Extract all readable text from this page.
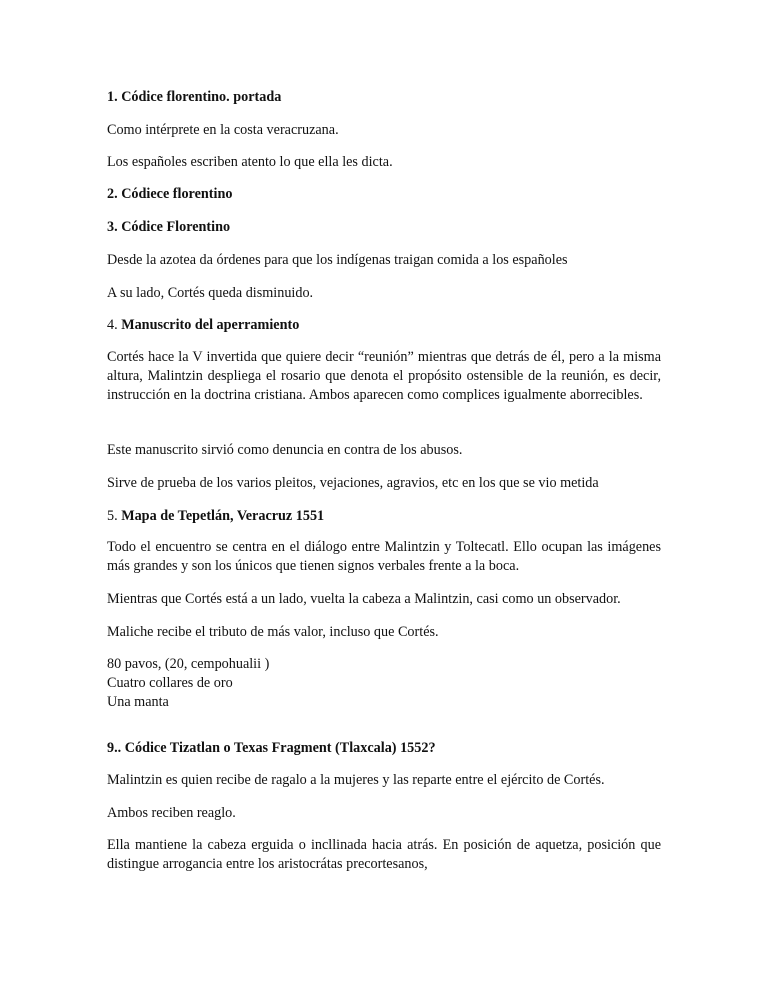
1. Códice florentino. portada

Como intérprete en la costa veracruzana.

Los españoles escriben atento lo que ella les dicta.

2. Códiece florentino

3. Códice Florentino

Desde la azotea da órdenes para que los indígenas traigan comida a los españoles

A su lado, Cortés queda disminuido.

4. Manuscrito del aperramiento

Cortés hace la V invertida que quiere decir “reunión” mientras que detrás de él, pero a la misma altura, Malintzin despliega el rosario que denota el propósito ostensible de la reunión, es decir, instrucción en la doctrina cristiana. Ambos aparecen como complices igualmente aborrecibles.

Este manuscrito sirvió como denuncia en contra de los abusos.

Sirve de prueba de los varios pleitos, vejaciones, agravios, etc en los que se vio metida

5. Mapa de Tepetlán, Veracruz 1551

Todo el encuentro se centra en el diálogo entre Malintzin y Toltecatl. Ello ocupan las imágenes más grandes y son los únicos que tienen signos verbales frente a la boca.

Mientras que Cortés está a un lado, vuelta la cabeza a Malintzin, casi como un observador.

Maliche recibe el tributo de más valor, incluso que Cortés.

80 pavos, (20, cempohualii )
Cuatro collares de oro
Una manta

9.. Códice Tizatlan o Texas Fragment (Tlaxcala) 1552?

Malintzin es quien recibe de ragalo a la mujeres y las reparte entre el ejército de Cortés.

Ambos reciben reaglo.

Ella mantiene la cabeza erguida o incllinada hacia atrás. En posición de aquetza, posición que distingue arrogancia entre los aristocrátas precortesanos,
